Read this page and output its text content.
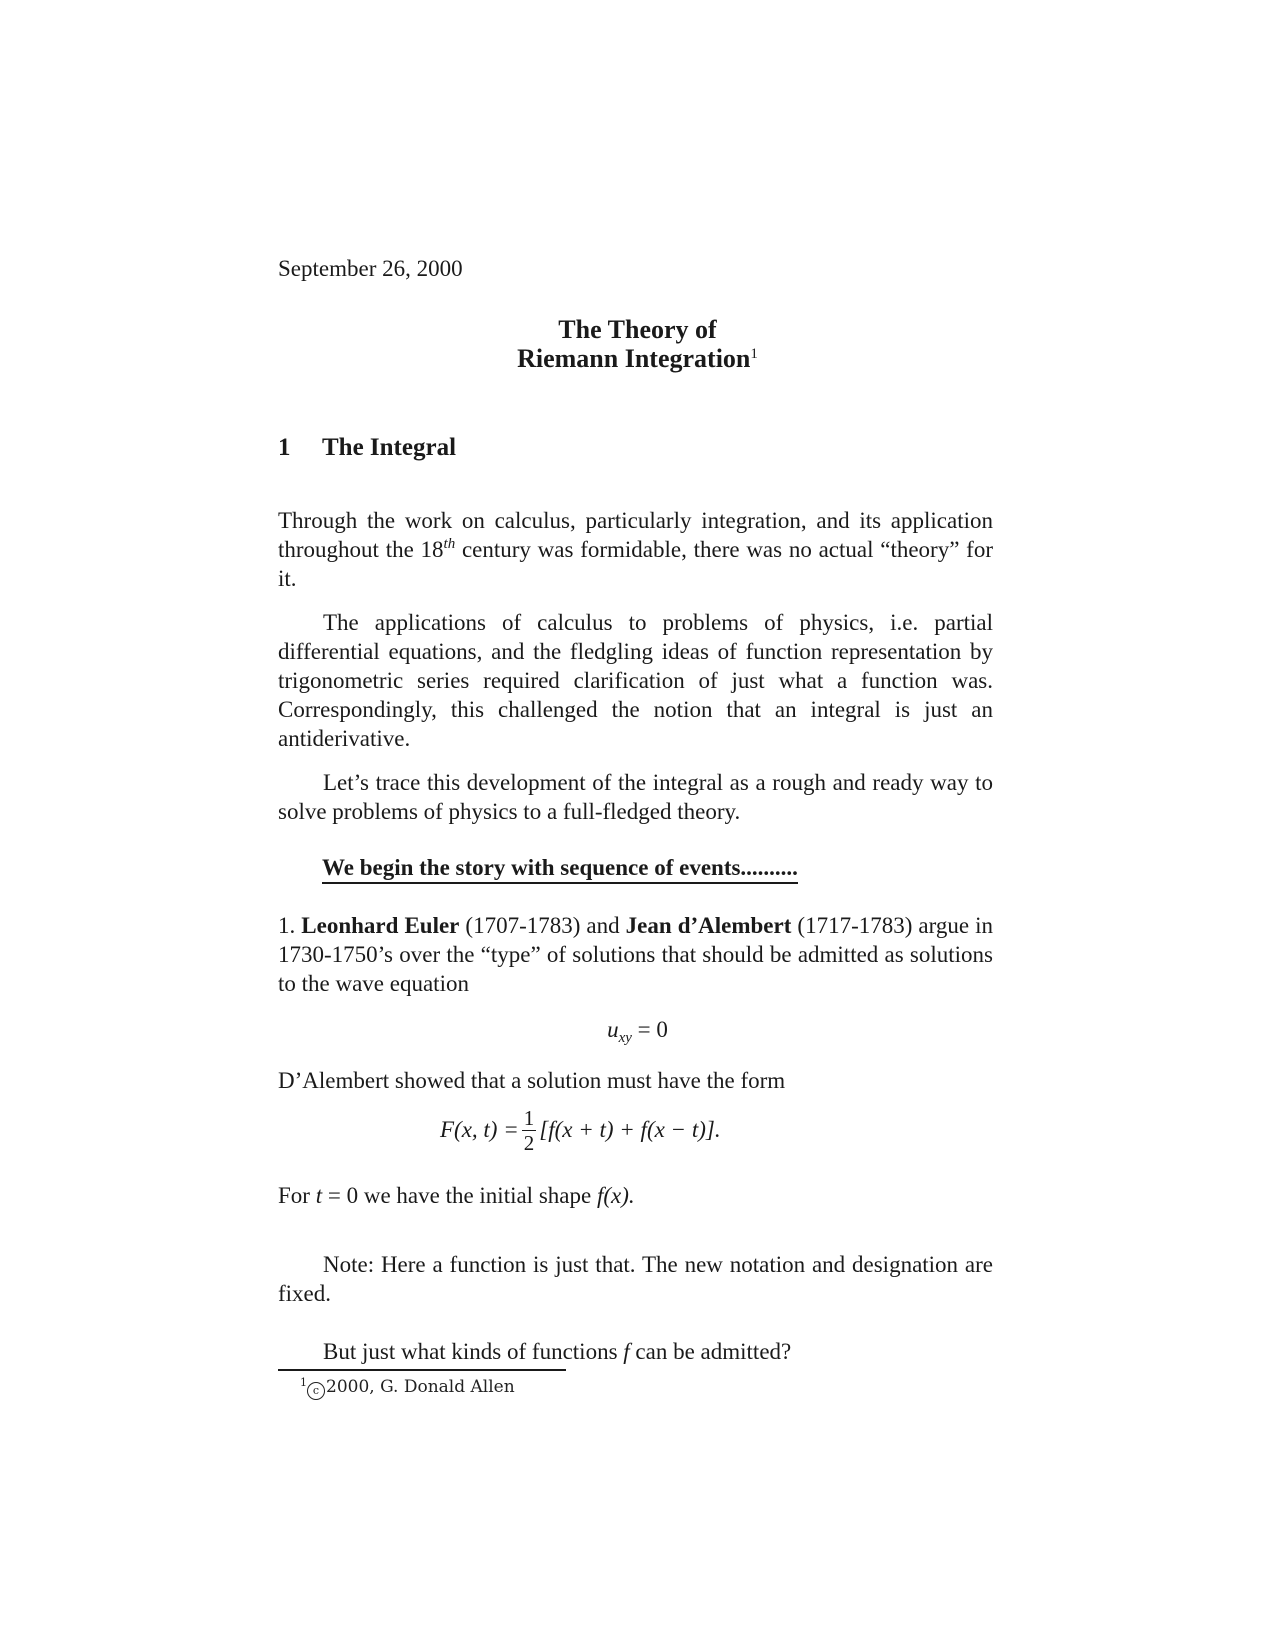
September 26, 2000

The Theory of
Riemann Integration$^1$
1 The Integral

Through the work on calculus, particularly integration, and its application throughout the 18th century was formidable, there was no actual “theory” for it.

The applications of calculus to problems of physics, i.e. partial differential equations, and the fledgling ideas of function representation by trigonometric series required clarification of just what a function was. Correspondingly, this challenged the notion that an integral is just an antiderivative.

Let’s trace this development of the integral as a rough and ready way to solve problems of physics to a full-fledged theory.

We begin the story with sequence of events..........

1. Leonhard Euler (1707-1783) and Jean d’Alembert (1717-1783) argue in 1730-1750’s over the “type” of solutions that should be admitted as solutions to the wave equation

$u_{xy} = 0$

D’Alembert showed that a solution must have the form

F(x, $t) = \frac{1}{2} [f(x + t) + f(x - t)]$.

For t = 0 we have the initial shape f(x).

Note: Here a function is just that. The new notation and designation are fixed.

But just what kinds of functions f can be admitted?

$^1$c 2000, G. Donald Allen
